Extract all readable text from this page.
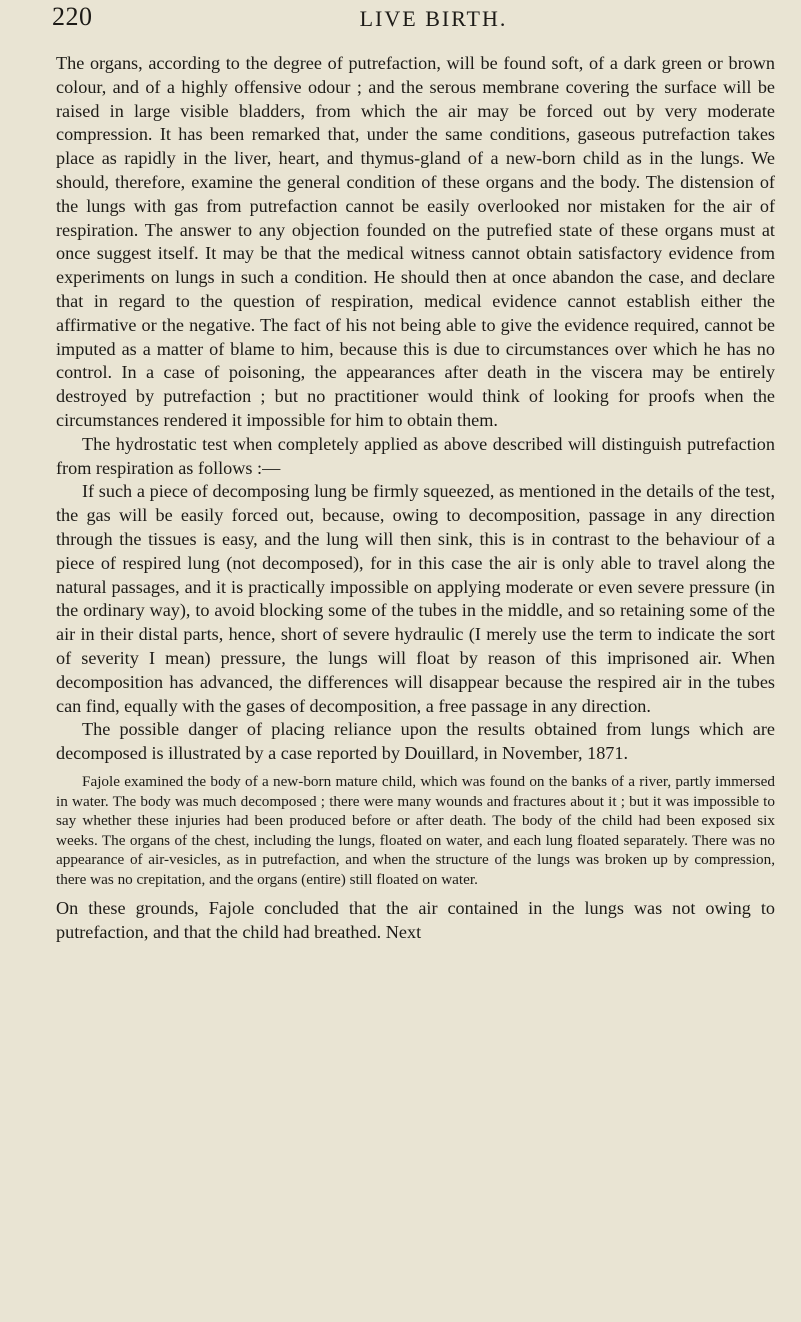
220	LIVE BIRTH.

The organs, according to the degree of putrefaction, will be found soft, of a dark green or brown colour, and of a highly offensive odour ; and the serous membrane covering the surface will be raised in large visible bladders, from which the air may be forced out by very moderate compression. It has been remarked that, under the same conditions, gaseous putrefaction takes place as rapidly in the liver, heart, and thymus-gland of a new-born child as in the lungs. We should, therefore, examine the general condition of these organs and the body. The distension of the lungs with gas from putrefaction cannot be easily overlooked nor mistaken for the air of respiration. The answer to any objection founded on the putrefied state of these organs must at once suggest itself. It may be that the medical witness cannot obtain satisfactory evidence from experiments on lungs in such a condition. He should then at once abandon the case, and declare that in regard to the question of respiration, medical evidence cannot establish either the affirmative or the negative. The fact of his not being able to give the evidence required, cannot be imputed as a matter of blame to him, because this is due to circumstances over which he has no control. In a case of poisoning, the appearances after death in the viscera may be entirely destroyed by putrefaction ; but no practitioner would think of looking for proofs when the circumstances rendered it impossible for him to obtain them.

The hydrostatic test when completely applied as above described will distinguish putrefaction from respiration as follows :—

If such a piece of decomposing lung be firmly squeezed, as mentioned in the details of the test, the gas will be easily forced out, because, owing to decomposition, passage in any direction through the tissues is easy, and the lung will then sink, this is in contrast to the behaviour of a piece of respired lung (not decomposed), for in this case the air is only able to travel along the natural passages, and it is practically impossible on applying moderate or even severe pressure (in the ordinary way), to avoid blocking some of the tubes in the middle, and so retaining some of the air in their distal parts, hence, short of severe hydraulic (I merely use the term to indicate the sort of severity I mean) pressure, the lungs will float by reason of this imprisoned air. When decomposition has advanced, the differences will disappear because the respired air in the tubes can find, equally with the gases of decomposition, a free passage in any direction.

The possible danger of placing reliance upon the results obtained from lungs which are decomposed is illustrated by a case reported by Douillard, in November, 1871.

Fajole examined the body of a new-born mature child, which was found on the banks of a river, partly immersed in water. The body was much decomposed ; there were many wounds and fractures about it ; but it was impossible to say whether these injuries had been produced before or after death. The body of the child had been exposed six weeks. The organs of the chest, including the lungs, floated on water, and each lung floated separately. There was no appearance of air-vesicles, as in putrefaction, and when the structure of the lungs was broken up by compression, there was no crepitation, and the organs (entire) still floated on water.

On these grounds, Fajole concluded that the air contained in the lungs was not owing to putrefaction, and that the child had breathed. Next
